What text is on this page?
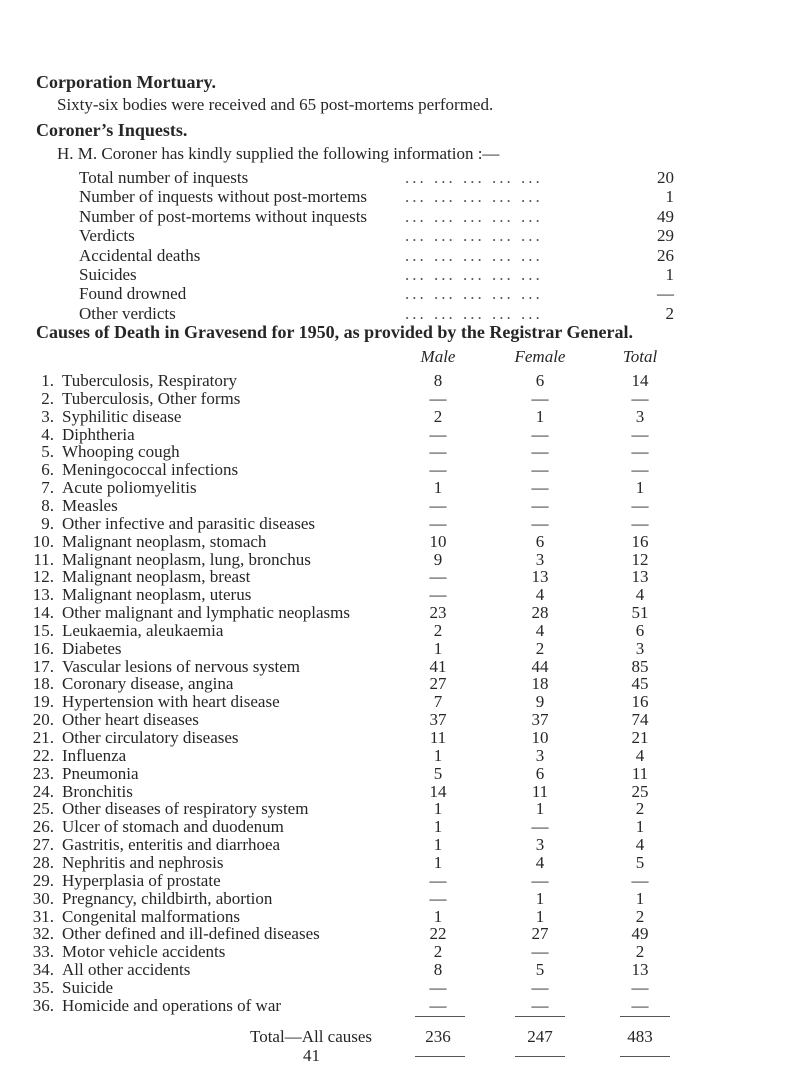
Corporation Mortuary.
Sixty-six bodies were received and 65 post-mortems performed.
Coroner’s Inquests.
H. M. Coroner has kindly supplied the following information :—
Total number of inquests	... ... ... ... ...	20
Number of inquests without post-mortems ... ... ... ... ...	1
Number of post-mortems without inquests ... ... ... ... ...	49
Verdicts	... ... ... ... ...	29
Accidental deaths	... ... ... ... ...	26
Suicides	... ... ... ... ...	1
Found drowned	... ... ... ... ...	—
Other verdicts	... ... ... ... ...	2
Causes of Death in Gravesend for 1950, as provided by the Registrar General.
Male	Female	Total
1. Tuberculosis, Respiratory	8	6	14
2. Tuberculosis, Other forms	—	—	—
3. Syphilitic disease	2	1	3
4. Diphtheria	—	—	—
5. Whooping cough	—	—	—
6. Meningococcal infections	—	—	—
7. Acute poliomyelitis	1	—	1
8. Measles	—	—	—
9. Other infective and parasitic diseases	—	—	—
10. Malignant neoplasm, stomach	10	6	16
11. Malignant neoplasm, lung, bronchus	9	3	12
12. Malignant neoplasm, breast	—	13	13
13. Malignant neoplasm, uterus	—	4	4
14. Other malignant and lymphatic neoplasms	23	28	51
15. Leukaemia, aleukaemia	2	4	6
16. Diabetes	1	2	3
17. Vascular lesions of nervous system	41	44	85
18. Coronary disease, angina	27	18	45
19. Hypertension with heart disease	7	9	16
20. Other heart diseases	37	37	74
21. Other circulatory diseases	11	10	21
22. Influenza	1	3	4
23. Pneumonia	5	6	11
24. Bronchitis	14	11	25
25. Other diseases of respiratory system	1	1	2
26. Ulcer of stomach and duodenum	1	—	1
27. Gastritis, enteritis and diarrhoea	1	3	4
28. Nephritis and nephrosis	1	4	5
29. Hyperplasia of prostate	—	—	—
30. Pregnancy, childbirth, abortion	—	1	1
31. Congenital malformations	1	1	2
32. Other defined and ill-defined diseases	22	27	49
33. Motor vehicle accidents	2	—	2
34. All other accidents	8	5	13
35. Suicide	—	—	—
36. Homicide and operations of war	—	—	—
Total—All causes	236	247	483
41
